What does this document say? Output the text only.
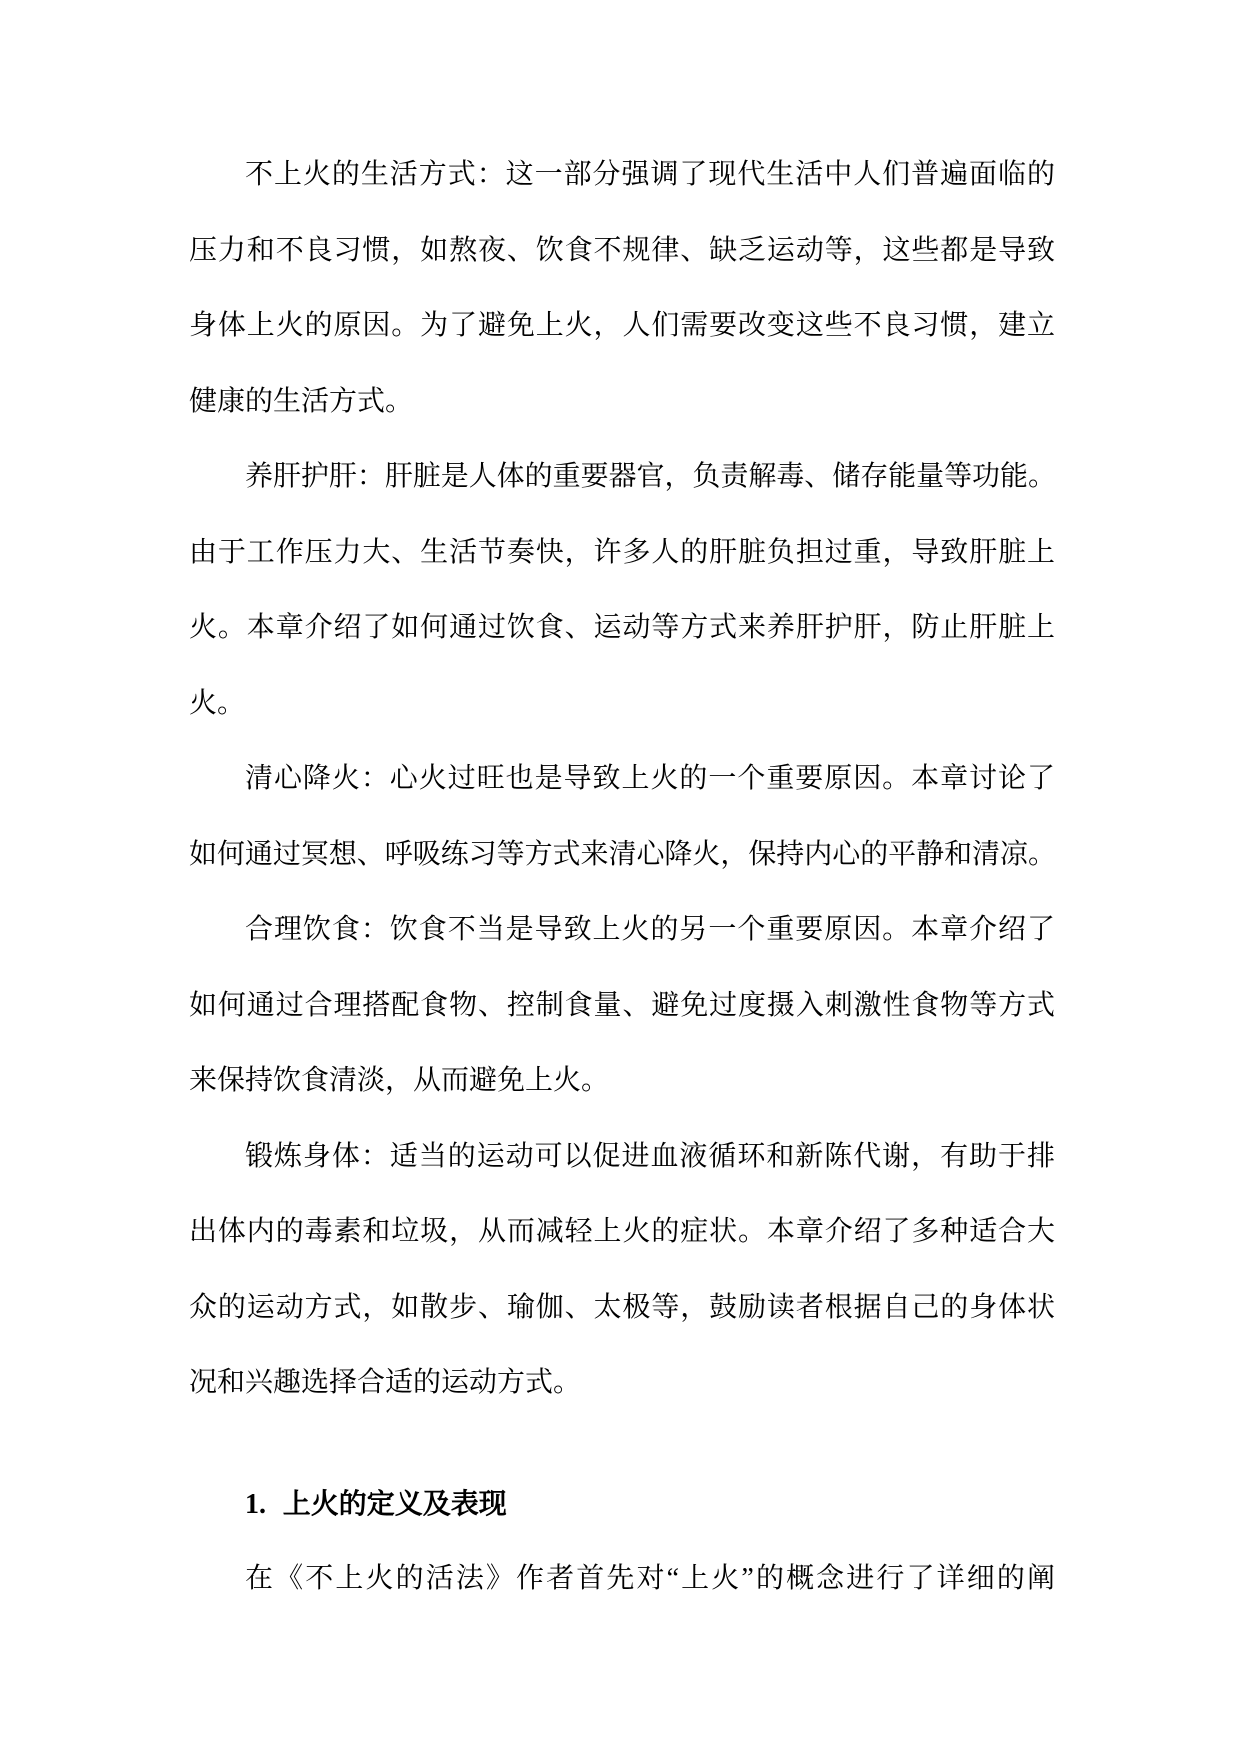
不上火的生活方式：这一部分强调了现代生活中人们普遍面临的
压力和不良习惯，如熬夜、饮食不规律、缺乏运动等，这些都是导致
身体上火的原因。为了避免上火，人们需要改变这些不良习惯，建立
健康的生活方式。
养肝护肝：肝脏是人体的重要器官，负责解毒、储存能量等功能。
由于工作压力大、生活节奏快，许多人的肝脏负担过重，导致肝脏上
火。本章介绍了如何通过饮食、运动等方式来养肝护肝，防止肝脏上
火。
清心降火：心火过旺也是导致上火的一个重要原因。本章讨论了
如何通过冥想、呼吸练习等方式来清心降火，保持内心的平静和清凉。
合理饮食：饮食不当是导致上火的另一个重要原因。本章介绍了
如何通过合理搭配食物、控制食量、避免过度摄入刺激性食物等方式
来保持饮食清淡，从而避免上火。
锻炼身体：适当的运动可以促进血液循环和新陈代谢，有助于排
出体内的毒素和垃圾，从而减轻上火的症状。本章介绍了多种适合大
众的运动方式，如散步、瑜伽、太极等，鼓励读者根据自己的身体状
况和兴趣选择合适的运动方式。
1. 上火的定义及表现
在《不上火的活法》作者首先对“上火”的概念进行了详细的阐
